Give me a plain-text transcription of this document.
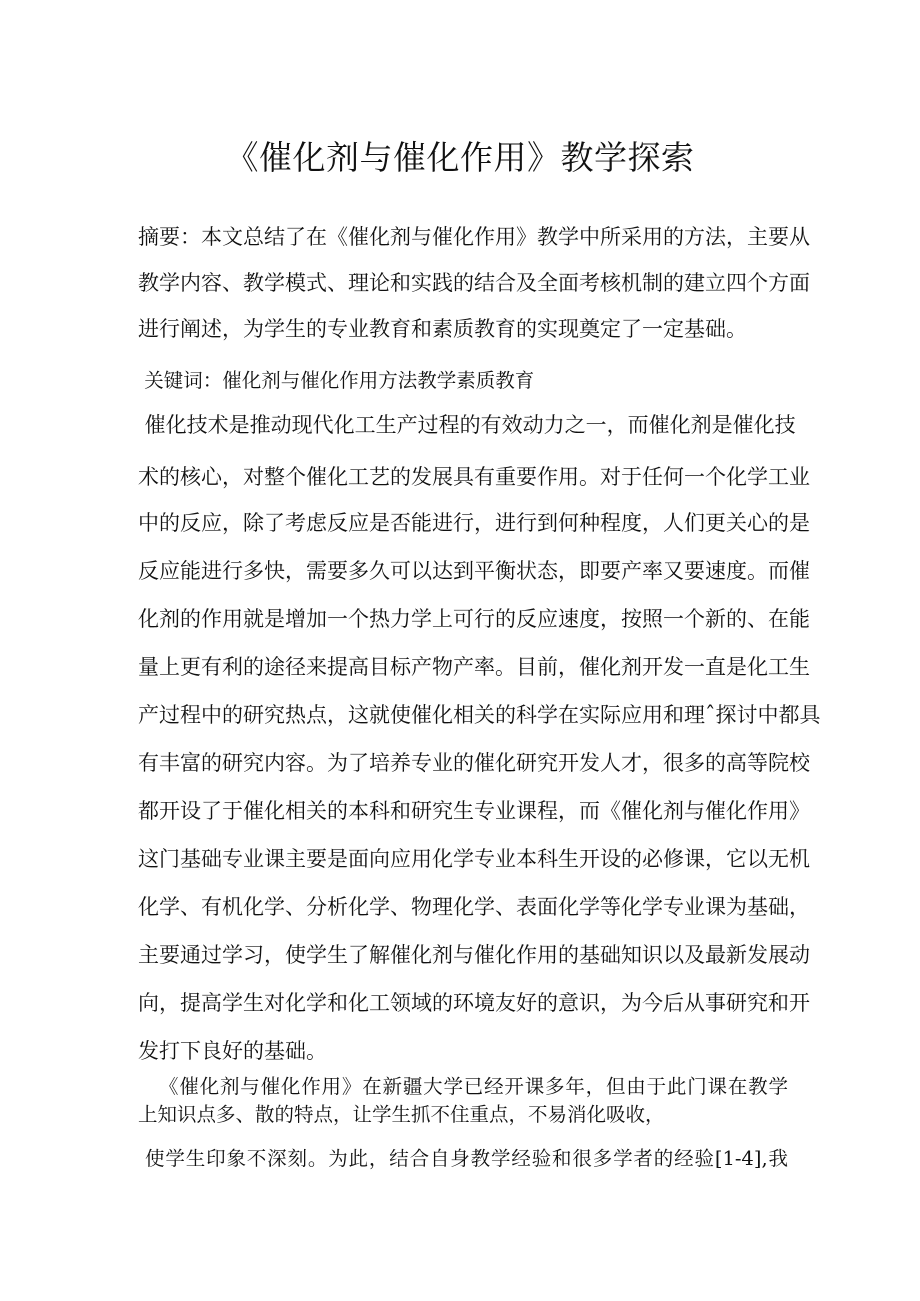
《催化剂与催化作用》教学探索
摘要：本文总结了在《催化剂与催化作用》教学中所采用的方法，主要从
教学内容、教学模式、理论和实践的结合及全面考核机制的建立四个方面
进行阐述，为学生的专业教育和素质教育的实现奠定了一定基础。
关键词：催化剂与催化作用方法教学素质教育
催化技术是推动现代化工生产过程的有效动力之一，而催化剂是催化技
术的核心，对整个催化工艺的发展具有重要作用。对于任何一个化学工业
中的反应，除了考虑反应是否能进行，进行到何种程度，人们更关心的是
反应能进行多快，需要多久可以达到平衡状态，即要产率又要速度。而催
化剂的作用就是增加一个热力学上可行的反应速度，按照一个新的、在能
量上更有利的途径来提高目标产物产率。目前，催化剂开发一直是化工生
产过程中的研究热点，这就使催化相关的科学在实际应用和理ˆ探讨中都具
有丰富的研究内容。为了培养专业的催化研究开发人才，很多的高等院校
都开设了于催化相关的本科和研究生专业课程，而《催化剂与催化作用》
这门基础专业课主要是面向应用化学专业本科生开设的必修课，它以无机
化学、有机化学、分析化学、物理化学、表面化学等化学专业课为基础，
主要通过学习，使学生了解催化剂与催化作用的基础知识以及最新发展动
向，提高学生对化学和化工领域的环境友好的意识，为今后从事研究和开
发打下良好的基础。
《催化剂与催化作用》在新疆大学已经开课多年，但由于此门课在教学
上知识点多、散的特点，让学生抓不住重点，不易消化吸收，
使学生印象不深刻。为此，结合自身教学经验和很多学者的经验[1-4],我
